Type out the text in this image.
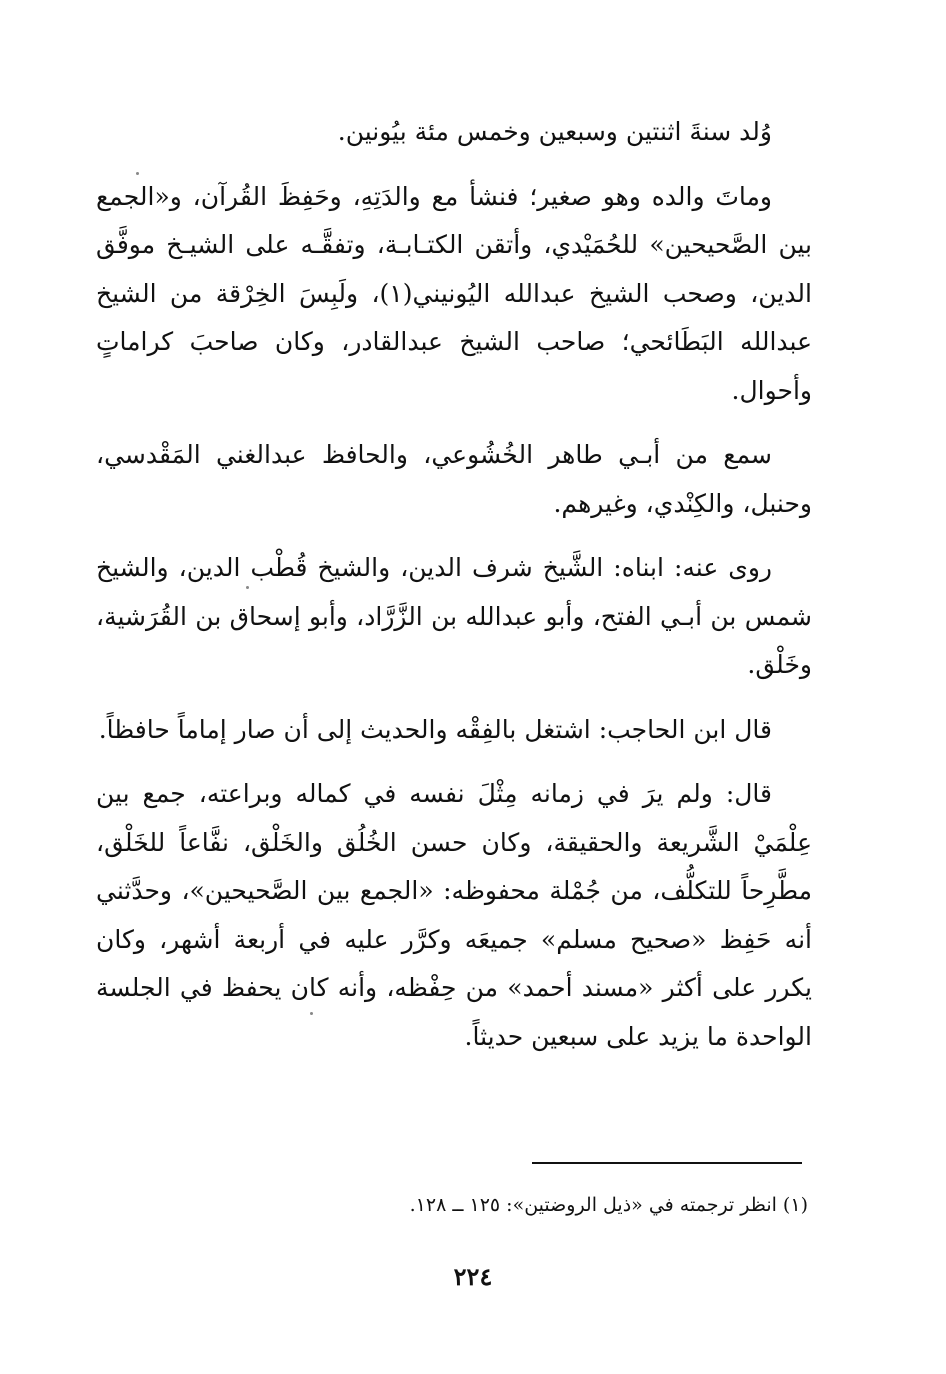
وُلد سنةَ اثنتين وسبعين وخمس مئة بيُونين.

وماتَ والده وهو صغير؛ فنشأ مع والدَتِهِ، وحَفِظَ القُرآن، و«الجمع بين الصَّحيحين» للحُمَيْدي، وأتقن الكتـابـة، وتفقَّـه على الشيـخ موفَّق الدين، وصحب الشيخ عبدالله اليُونيني(١)، ولَبِسَ الخِرْقة من الشيخ عبدالله البَطَائحي؛ صاحب الشيخ عبدالقادر، وكان صاحبَ كراماتٍ وأحوال.

سمع من أبـي طاهر الخُشُوعي، والحافظ عبدالغني المَقْدسي، وحنبل، والكِنْدي، وغيرهم.

روى عنه: ابناه: الشَّيخ شرف الدين، والشيخ قُطْب الدين، والشيخ شمس بن أبـي الفتح، وأبو عبدالله بن الزَّرَّاد، وأبو إسحاق بن القُرَشية، وخَلْق.

قال ابن الحاجب: اشتغل بالفِقْه والحديث إلى أن صار إماماً حافظاً.

قال: ولم يرَ في زمانه مِثْلَ نفسه في كماله وبراعته، جمع بين عِلْمَيْ الشَّريعة والحقيقة، وكان حسن الخُلُق والخَلْق، نفَّاعاً للخَلْق، مطَّرِحاً للتكلُّف، من جُمْلة محفوظه: «الجمع بين الصَّحيحين»، وحدَّثني أنه حَفِظ «صحيح مسلم» جميعَه وكرَّر عليه في أربعة أشهر، وكان يكرر على أكثر «مسند أحمد» من حِفْظه، وأنه كان يحفظ في الجلسة الواحدة ما يزيد على سبعين حديثاً.

(١) انظر ترجمته في «ذيل الروضتين»: ١٢٥ ــ ١٢٨.
٢٢٤
